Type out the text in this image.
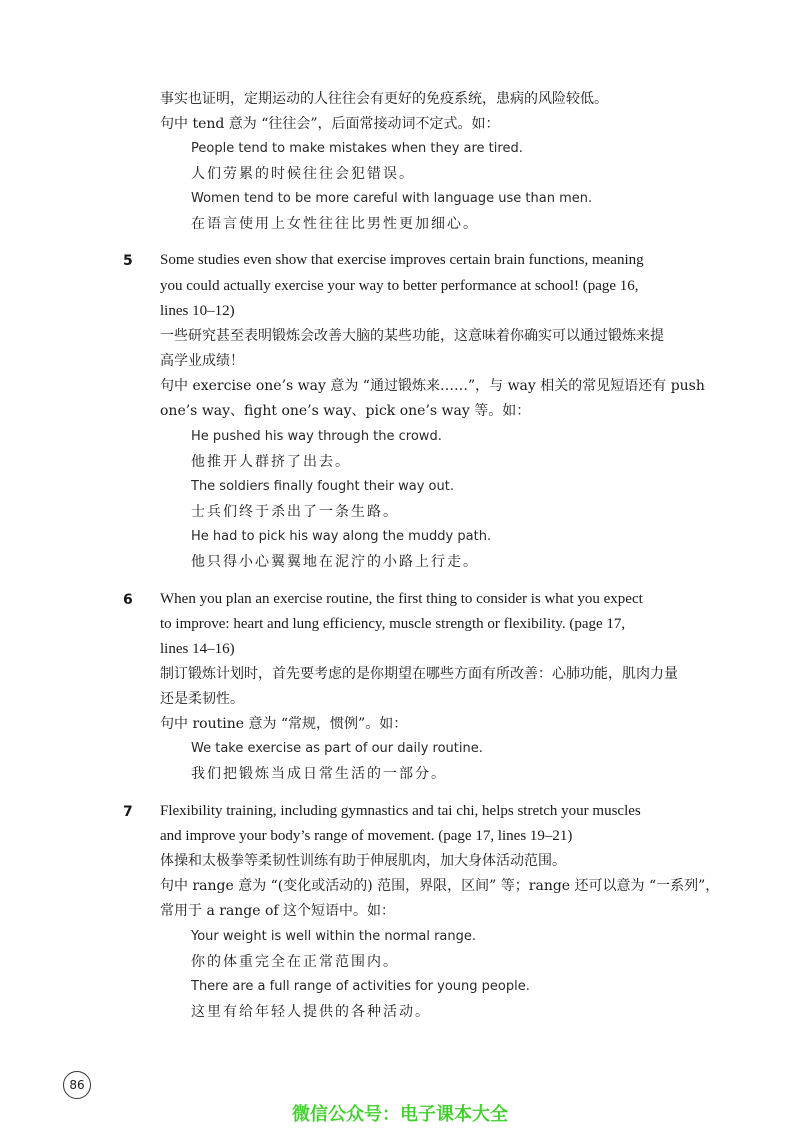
事实也证明，定期运动的人往往会有更好的免疫系统，患病的风险较低。
句中 tend 意为 “往往会”，后面常接动词不定式。如：
People tend to make mistakes when they are tired.
人们劳累的时候往往会犯错误。
Women tend to be more careful with language use than men.
在语言使用上女性往往比男性更加细心。
5 Some studies even show that exercise improves certain brain functions, meaning
you could actually exercise your way to better performance at school! (page 16,
lines 10–12)
一些研究甚至表明锻炼会改善大脑的某些功能，这意味着你确实可以通过锻炼来提
高学业成绩！
句中 exercise one’s way 意为 “通过锻炼来……”，与 way 相关的常见短语还有 push
one’s way、fight one’s way、pick one’s way 等。如：
He pushed his way through the crowd.
他推开人群挤了出去。
The soldiers finally fought their way out.
士兵们终于杀出了一条生路。
He had to pick his way along the muddy path.
他只得小心翼翼地在泥泞的小路上行走。
6 When you plan an exercise routine, the first thing to consider is what you expect
to improve: heart and lung efficiency, muscle strength or flexibility. (page 17,
lines 14–16)
制订锻炼计划时，首先要考虑的是你期望在哪些方面有所改善：心肺功能，肌肉力量
还是柔韧性。
句中 routine 意为 “常规，惯例”。如：
We take exercise as part of our daily routine.
我们把锻炼当成日常生活的一部分。
7 Flexibility training, including gymnastics and tai chi, helps stretch your muscles
and improve your body’s range of movement. (page 17, lines 19–21)
体操和太极拳等柔韧性训练有助于伸展肌肉，加大身体活动范围。
句中 range 意为 “(变化或活动的) 范围，界限，区间” 等；range 还可以意为 “一系列”，
常用于 a range of 这个短语中。如：
Your weight is well within the normal range.
你的体重完全在正常范围内。
There are a full range of activities for young people.
这里有给年轻人提供的各种活动。
86
微信公众号：电子课本大全
